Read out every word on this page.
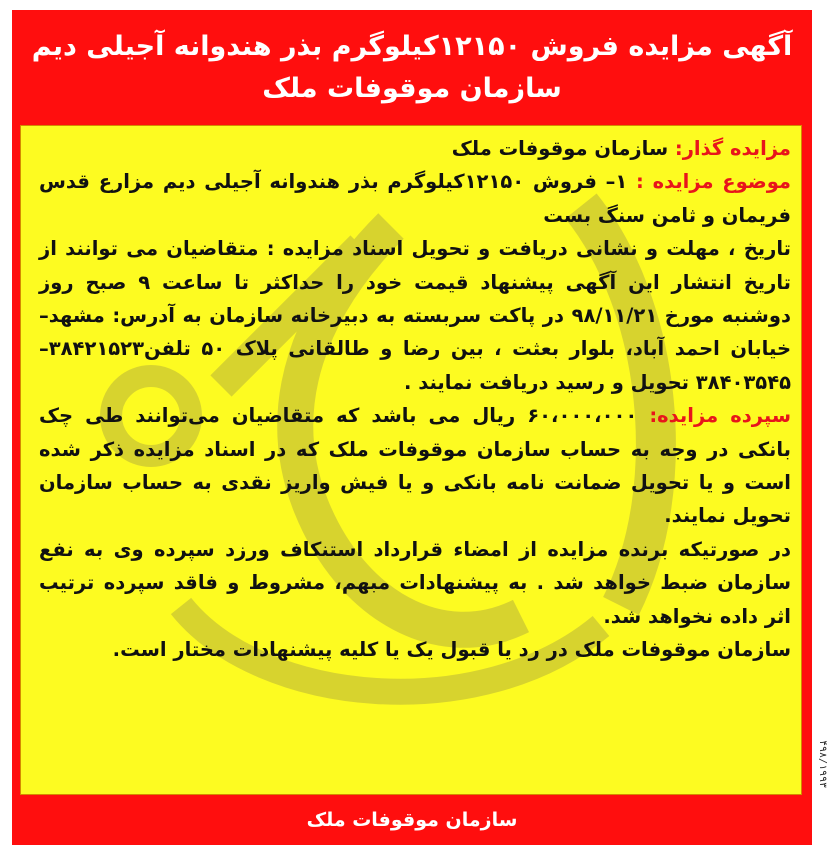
آگهی مزایده فروش ۱۲۱۵۰کیلوگرم بذر هندوانه آجیلی دیم
سازمان موقوفات ملک

مزایده گذار: سازمان موقوفات ملک

موضوع مزایده : ۱– فروش ۱۲۱۵۰کیلوگرم بذر هندوانه آجیلی دیم مزارع قدس فریمان و ثامن سنگ بست

تاریخ ، مهلت و نشانی دریافت و تحویل اسناد مزایده : متقاضیان می توانند از تاریخ انتشار این آگهی پیشنهاد قیمت خود را حداکثر تا ساعت ۹ صبح روز دوشنبه مورخ ۹۸/۱۱/۲۱ در پاکت سربسته به دبیرخانه سازمان به آدرس: مشهد– خیابان احمد آباد، بلوار بعثت ، بین رضا و طالقانی پلاک ۵۰ تلفن۳۸۴۲۱۵۲۳–۳۸۴۰۳۵۴۵ تحویل و رسید دریافت نمایند .

سپرده مزایده: ۶۰،۰۰۰،۰۰۰ ریال می باشد که متقاضیان می‌توانند طی چک بانکی در وجه به حساب سازمان موقوفات ملک که در اسناد مزایده ذکر شده است و یا تحویل ضمانت نامه بانکی و یا فیش واریز نقدی به حساب سازمان تحویل نمایند.

در صورتیکه برنده مزایده از امضاء قرارداد استنکاف ورزد سپرده وی به نفع سازمان ضبط خواهد شد . به پیشنهادات مبهم، مشروط و فاقد سپرده ترتیب اثر داده نخواهد شد.

سازمان موقوفات ملک در رد یا قبول یک یا کلیه پیشنهادات مختار است.

سازمان موقوفات ملک
۴۹۸/۱۹۹۳
